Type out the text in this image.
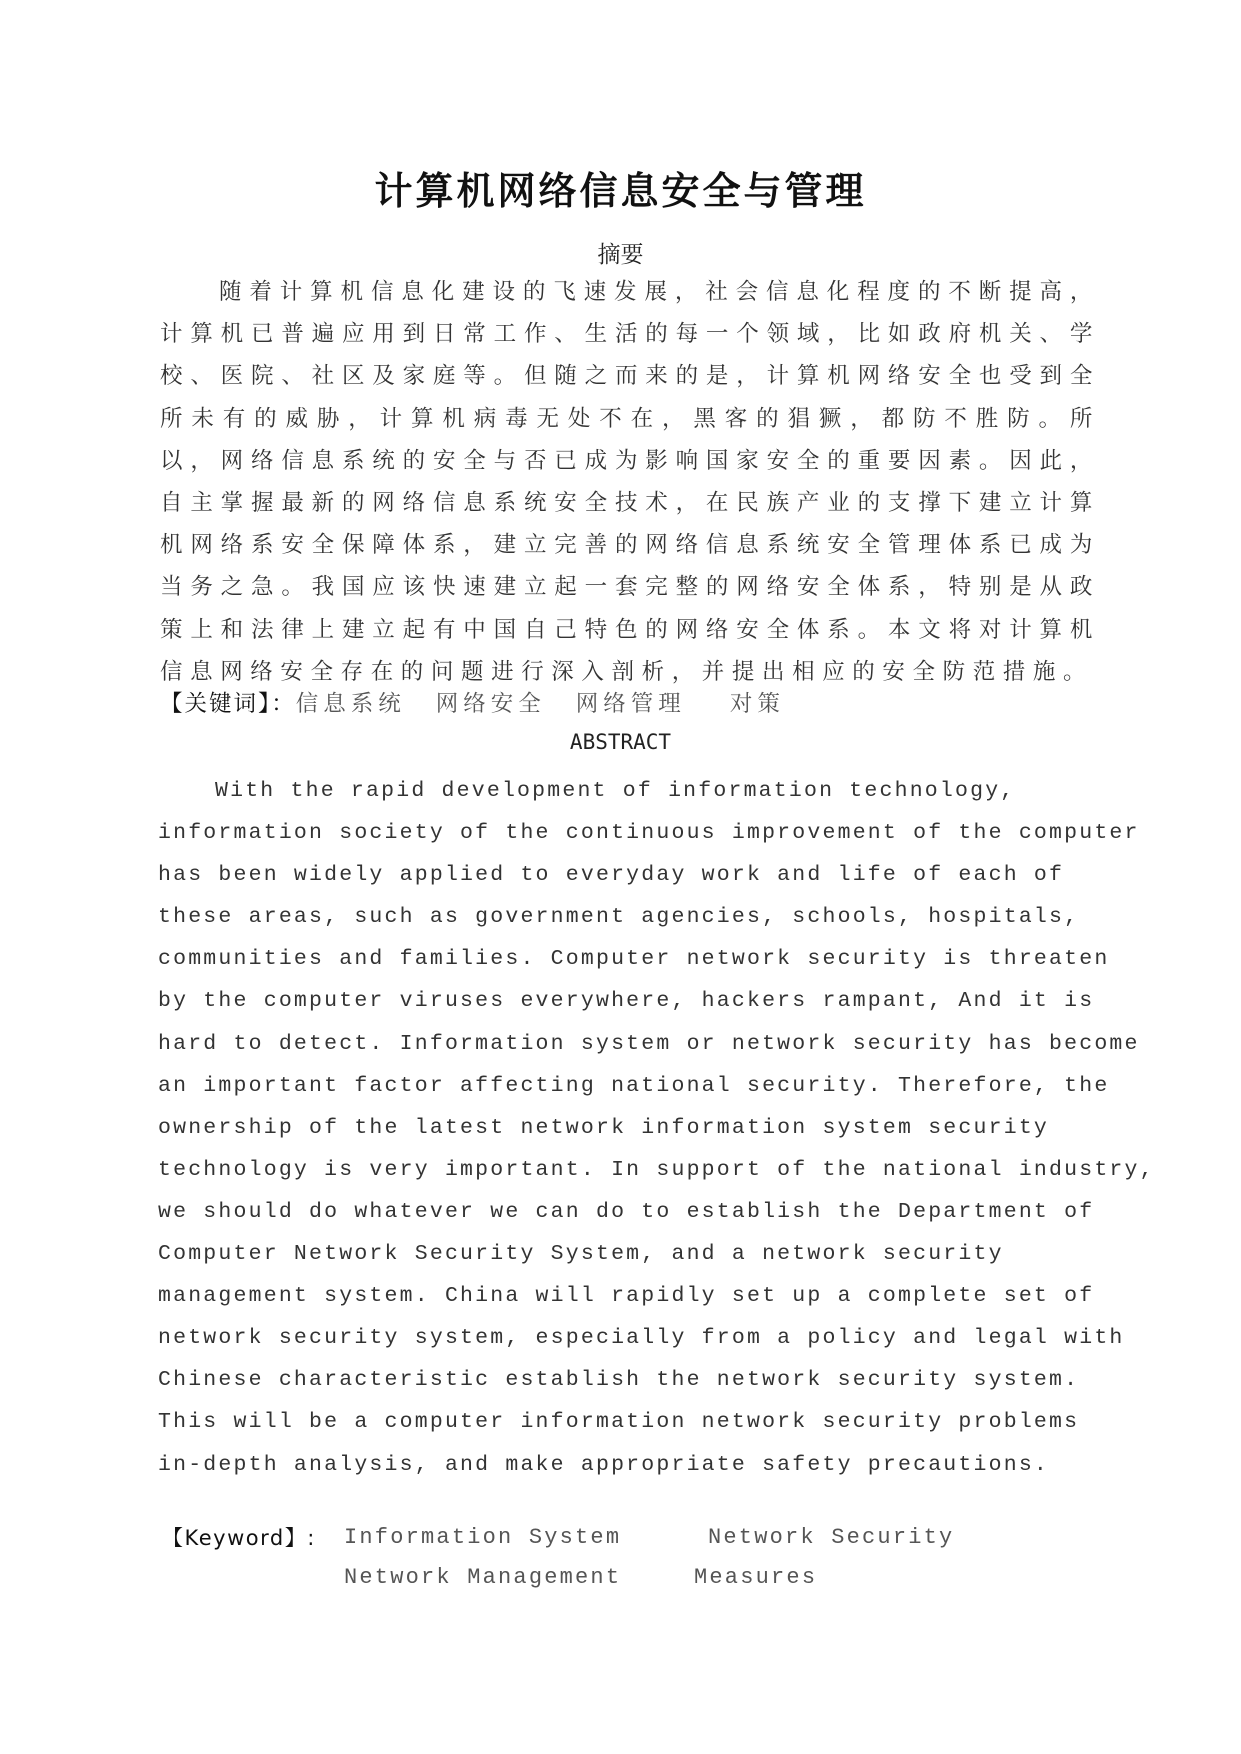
计算机网络信息安全与管理
摘要

随着计算机信息化建设的飞速发展，社会信息化程度的不断提高，计算机已普遍应用到日常工作、生活的每一个领域，比如政府机关、学校、医院、社区及家庭等。但随之而来的是，计算机网络安全也受到全所未有的威胁，计算机病毒无处不在，黑客的猖獗，都防不胜防。所以，网络信息系统的安全与否已成为影响国家安全的重要因素。因此，自主掌握最新的网络信息系统安全技术，在民族产业的支撑下建立计算机网络系安全保障体系，建立完善的网络信息系统安全管理体系已成为当务之急。我国应该快速建立起一套完整的网络安全体系，特别是从政策上和法律上建立起有中国自己特色的网络安全体系。本文将对计算机信息网络安全存在的问题进行深入剖析，并提出相应的安全防范措施。

【关键词】：信息系统 网络安全 网络管理 对策
ABSTRACT
With the rapid development of information technology,
information society of the continuous improvement of the computer
has been widely applied to everyday work and life of each of
these areas, such as government agencies, schools, hospitals,
communities and families. Computer network security is threaten
by the computer viruses everywhere, hackers rampant, And it is
hard to detect. Information system or network security has become
an important factor affecting national security. Therefore, the
ownership of the latest network information system security
technology is very important. In support of the national industry,
we should do whatever we can do to establish the Department of
Computer Network Security System, and a network security
management system. China will rapidly set up a complete set of
network security system, especially from a policy and legal with
Chinese characteristic establish the network security system.
This will be a computer information network security problems
in-depth analysis, and make appropriate safety precautions.
【Keyword】: Information System	Network Security
Network Management	Measures
